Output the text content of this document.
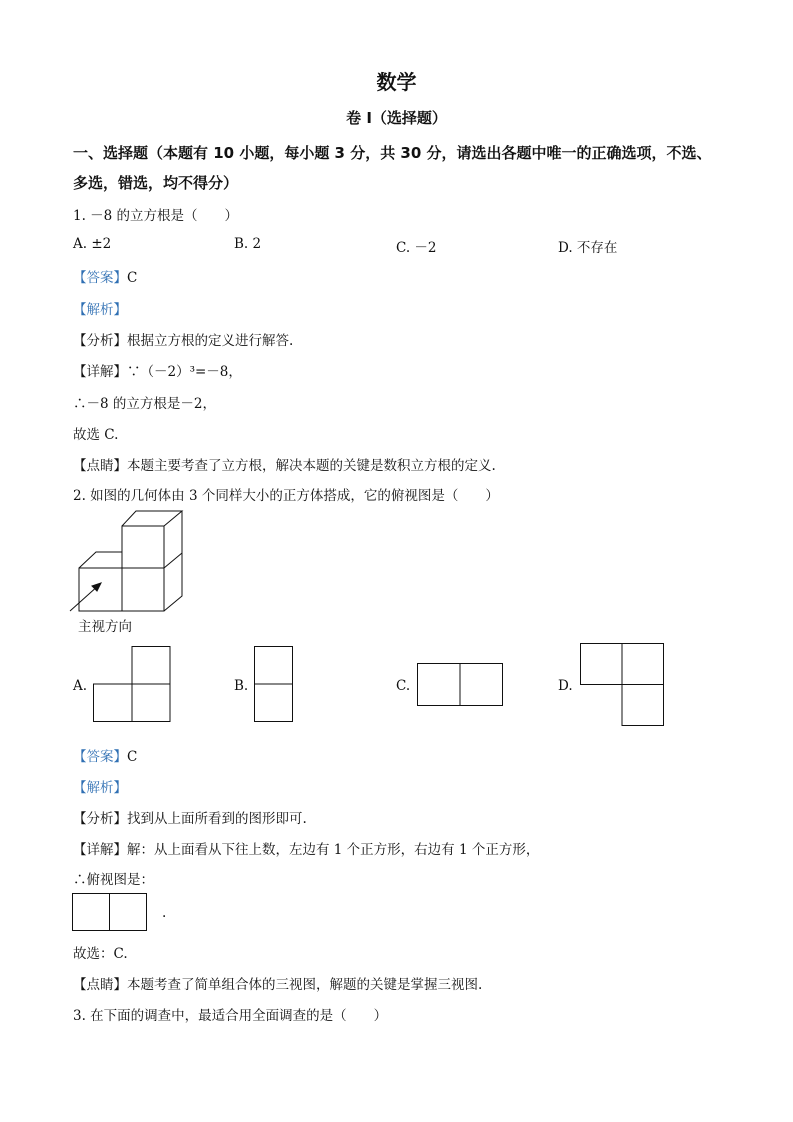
数学
卷 I（选择题）
一、选择题（本题有 10 小题，每小题 3 分，共 30 分，请选出各题中唯一的正确选项，不选、
多选，错选，均不得分）
1. －8 的立方根是（　　）
A. ±2	B. 2	C. －2	D. 不存在
【答案】C
【解析】
【分析】根据立方根的定义进行解答.
【详解】∵（－2）³=－8，
∴－8 的立方根是－2，
故选 C.
【点睛】本题主要考查了立方根，解决本题的关键是数积立方根的定义.
2. 如图的几何体由 3 个同样大小的正方体搭成，它的俯视图是（　　）
主视方向
A.	B.	C.	D.
【答案】C
【解析】
【分析】找到从上面所看到的图形即可.
【详解】解：从上面看从下往上数，左边有 1 个正方形，右边有 1 个正方形，
∴俯视图是：
.
故选：C.
【点睛】本题考查了简单组合体的三视图，解题的关键是掌握三视图.
3. 在下面的调查中，最适合用全面调查的是（　　）
